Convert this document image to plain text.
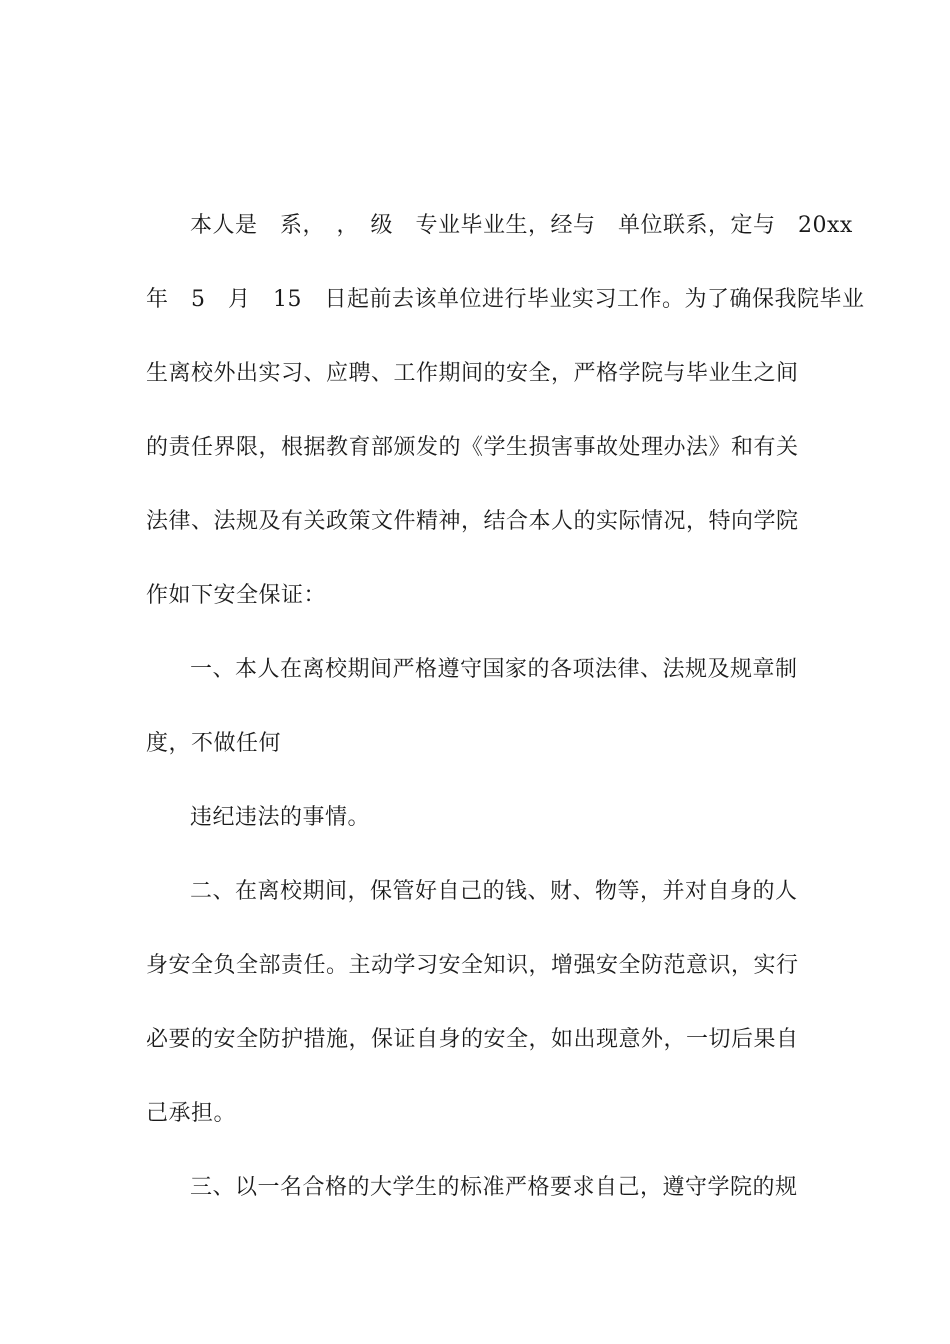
本人是　系，　，　级　专业毕业生，经与　单位联系，定与　20xx
年　5　月　15　日起前去该单位进行毕业实习工作。为了确保我院毕业
生离校外出实习、应聘、工作期间的安全，严格学院与毕业生之间
的责任界限，根据教育部颁发的《学生损害事故处理办法》和有关
法律、法规及有关政策文件精神，结合本人的实际情况，特向学院
作如下安全保证：
一、本人在离校期间严格遵守国家的各项法律、法规及规章制
度，不做任何
违纪违法的事情。
二、在离校期间，保管好自己的钱、财、物等，并对自身的人
身安全负全部责任。主动学习安全知识，增强安全防范意识，实行
必要的安全防护措施，保证自身的安全，如出现意外，一切后果自
己承担。
三、以一名合格的大学生的标准严格要求自己，遵守学院的规
